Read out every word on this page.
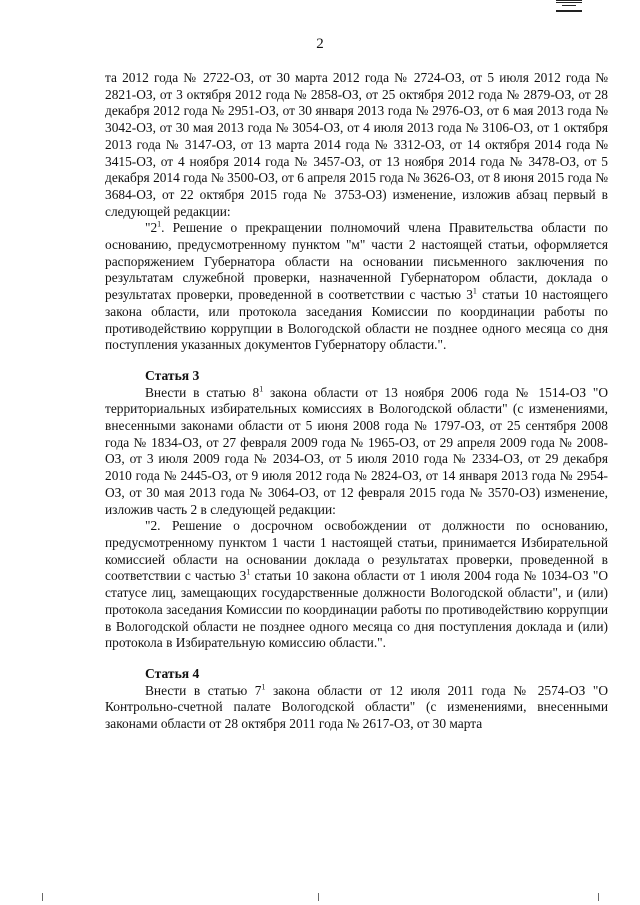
2

та 2012 года № 2722-ОЗ, от 30 марта 2012 года № 2724-ОЗ, от 5 июля 2012 года № 2821-ОЗ, от 3 октября 2012 года № 2858-ОЗ, от 25 октября 2012 года № 2879-ОЗ, от 28 декабря 2012 года № 2951-ОЗ, от 30 января 2013 года № 2976-ОЗ, от 6 мая 2013 года № 3042-ОЗ, от 30 мая 2013 года № 3054-ОЗ, от 4 июля 2013 года № 3106-ОЗ, от 1 октября 2013 года № 3147-ОЗ, от 13 марта 2014 года № 3312-ОЗ, от 14 октября 2014 года № 3415-ОЗ, от 4 ноября 2014 года № 3457-ОЗ, от 13 ноября 2014 года № 3478-ОЗ, от 5 декабря 2014 года № 3500-ОЗ, от 6 апреля 2015 года № 3626-ОЗ, от 8 июня 2015 года № 3684-ОЗ, от 22 октября 2015 года № 3753-ОЗ) изменение, изложив абзац первый в следующей редакции:

"$2^1$. Решение о прекращении полномочий члена Правительства области по основанию, предусмотренному пунктом "м" части 2 настоящей статьи, оформляется распоряжением Губернатора области на основании письменного заключения по результатам служебной проверки, назначенной Губернатором области, доклада о результатах проверки, проведенной в соответствии с частью $3^1$ статьи 10 настоящего закона области, или протокола заседания Комиссии по координации работы по противодействию коррупции в Вологодской области не позднее одного месяца со дня поступления указанных документов Губернатору области.".

Статья 3

Внести в статью $8^1$ закона области от 13 ноября 2006 года № 1514-ОЗ "О территориальных избирательных комиссиях в Вологодской области" (с изменениями, внесенными законами области от 5 июня 2008 года № 1797-ОЗ, от 25 сентября 2008 года № 1834-ОЗ, от 27 февраля 2009 года № 1965-ОЗ, от 29 апреля 2009 года № 2008-ОЗ, от 3 июля 2009 года № 2034-ОЗ, от 5 июля 2010 года № 2334-ОЗ, от 29 декабря 2010 года № 2445-ОЗ, от 9 июля 2012 года № 2824-ОЗ, от 14 января 2013 года № 2954-ОЗ, от 30 мая 2013 года № 3064-ОЗ, от 12 февраля 2015 года № 3570-ОЗ) изменение, изложив часть 2 в следующей редакции:

"2. Решение о досрочном освобождении от должности по основанию, предусмотренному пунктом 1 части 1 настоящей статьи, принимается Избирательной комиссией области на основании доклада о результатах проверки, проведенной в соответствии с частью $3^1$ статьи 10 закона области от 1 июля 2004 года № 1034-ОЗ "О статусе лиц, замещающих государственные должности Вологодской области", и (или) протокола заседания Комиссии по координации работы по противодействию коррупции в Вологодской области не позднее одного месяца со дня поступления доклада и (или) протокола в Избирательную комиссию области.".

Статья 4

Внести в статью $7^1$ закона области от 12 июля 2011 года № 2574-ОЗ "О Контрольно-счетной палате Вологодской области" (с изменениями, внесенными законами области от 28 октября 2011 года № 2617-ОЗ, от 30 марта
